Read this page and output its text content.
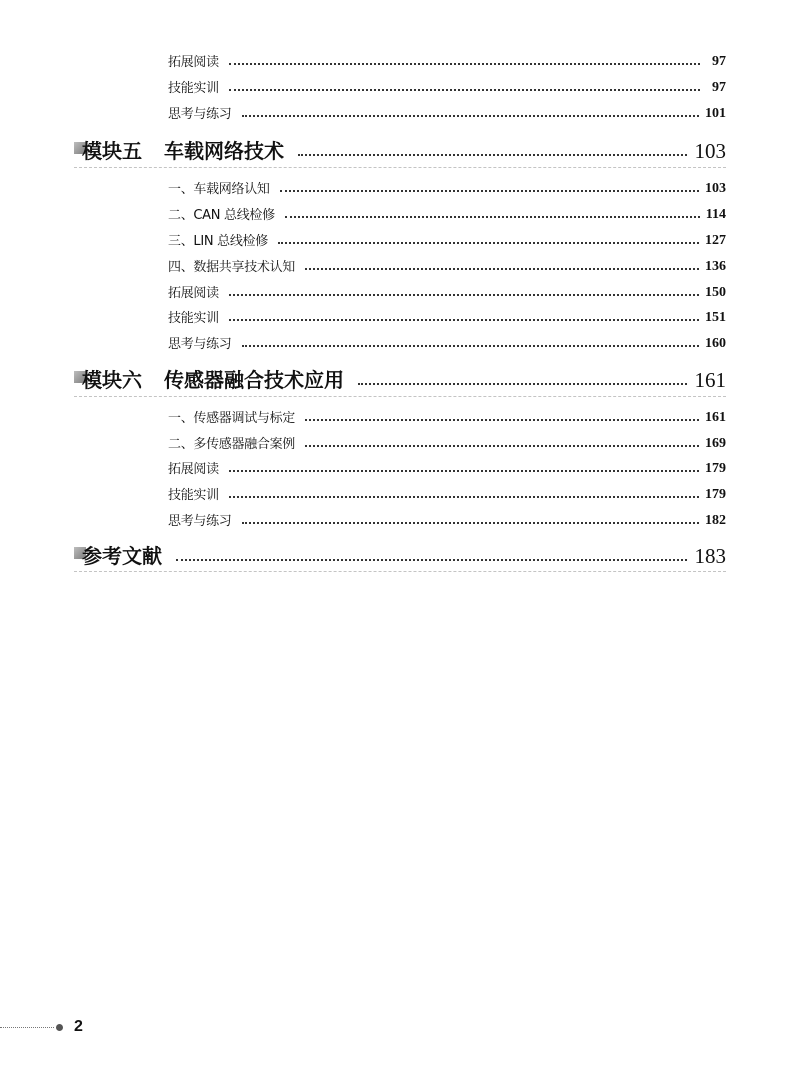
拓展阅读	97
技能实训	97
思考与练习	101
模块五 车载网络技术	103
一、车载网络认知	103
二、CAN 总线检修	114
三、LIN 总线检修	127
四、数据共享技术认知	136
拓展阅读	150
技能实训	151
思考与练习	160
模块六 传感器融合技术应用	161
一、传感器调试与标定	161
二、多传感器融合案例	169
拓展阅读	179
技能实训	179
思考与练习	182
参考文献	183
2
